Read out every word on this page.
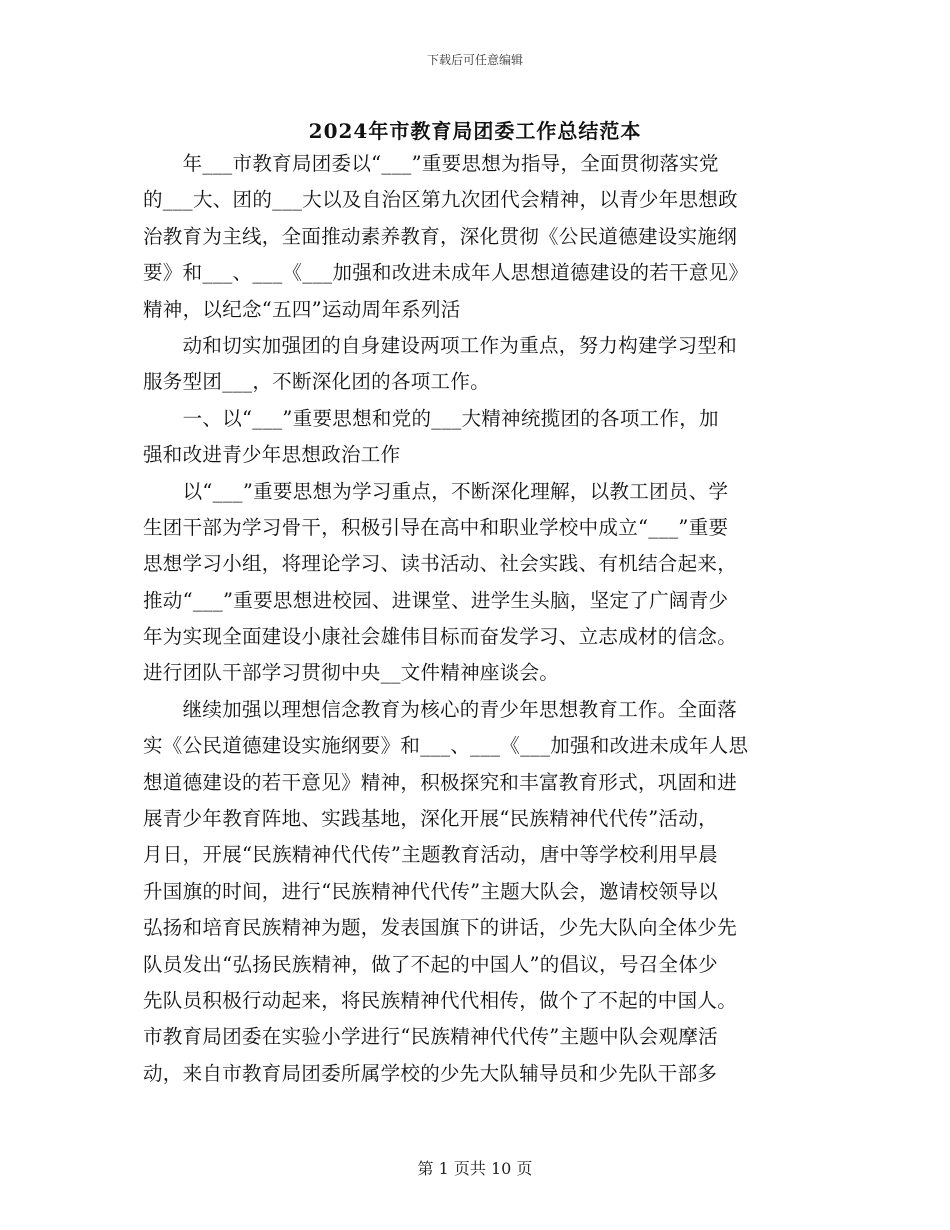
下载后可任意编辑
2024年市教育局团委工作总结范本
　　年___市教育局团委以“___”重要思想为指导，全面贯彻落实党
的___大、团的___大以及自治区第九次团代会精神，以青少年思想政
治教育为主线，全面推动素养教育，深化贯彻《公民道德建设实施纲
要》和___、___《___加强和改进未成年人思想道德建设的若干意见》
精神，以纪念“五四”运动周年系列活
　　动和切实加强团的自身建设两项工作为重点，努力构建学习型和
服务型团___，不断深化团的各项工作。
　　一、以“___”重要思想和党的___大精神统揽团的各项工作，加
强和改进青少年思想政治工作
　　以“___”重要思想为学习重点，不断深化理解，以教工团员、学
生团干部为学习骨干，积极引导在高中和职业学校中成立“___”重要
思想学习小组，将理论学习、读书活动、社会实践、有机结合起来，
推动“___”重要思想进校园、进课堂、进学生头脑，坚定了广阔青少
年为实现全面建设小康社会雄伟目标而奋发学习、立志成材的信念。
进行团队干部学习贯彻中央__文件精神座谈会。
　　继续加强以理想信念教育为核心的青少年思想教育工作。全面落
实《公民道德建设实施纲要》和___、___《___加强和改进未成年人思
想道德建设的若干意见》精神，积极探究和丰富教育形式，巩固和进
展青少年教育阵地、实践基地，深化开展“民族精神代代传”活动，
月日，开展“民族精神代代传”主题教育活动，唐中等学校利用早晨
升国旗的时间，进行“民族精神代代传”主题大队会，邀请校领导以
弘扬和培育民族精神为题，发表国旗下的讲话，少先大队向全体少先
队员发出“弘扬民族精神，做了不起的中国人”的倡议，号召全体少
先队员积极行动起来，将民族精神代代相传，做个了不起的中国人。
市教育局团委在实验小学进行“民族精神代代传”主题中队会观摩活
动，来自市教育局团委所属学校的少先大队辅导员和少先队干部多
第 1 页共 10 页
